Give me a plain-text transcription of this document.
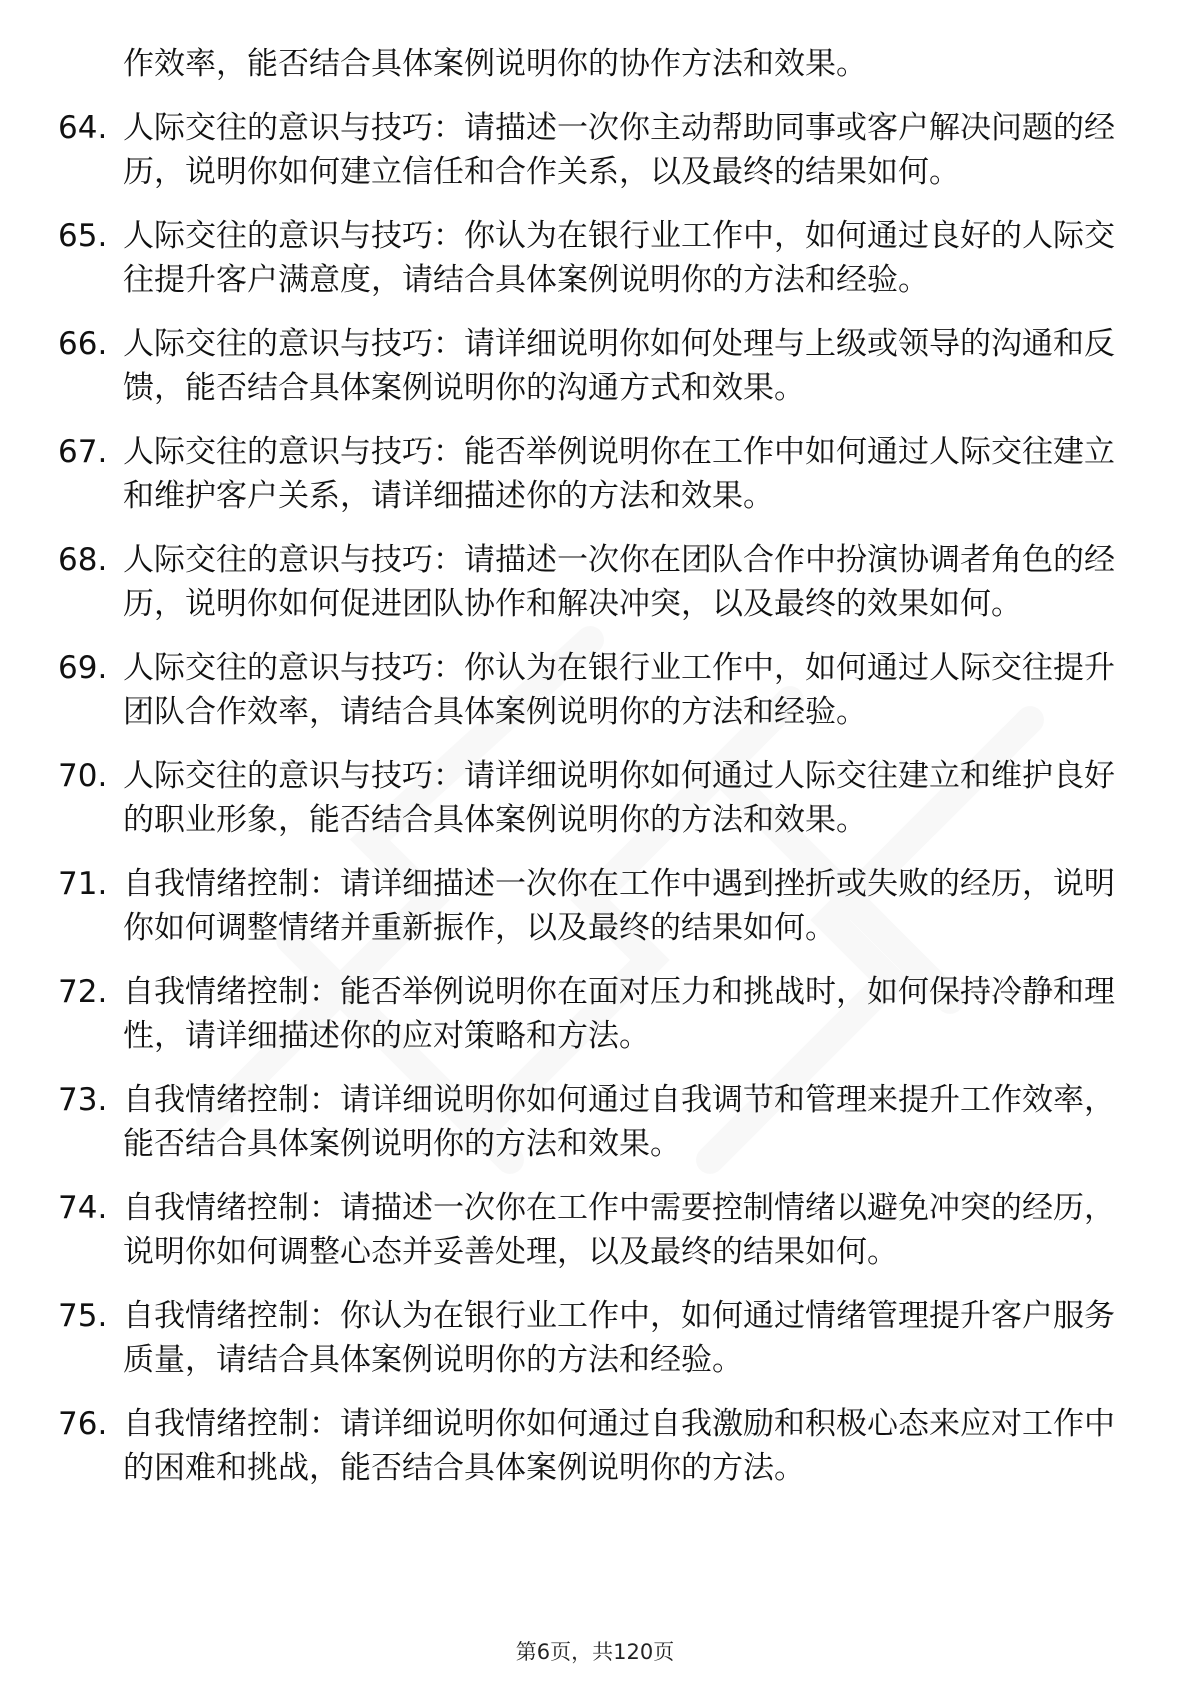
作效率，能否结合具体案例说明你的协作方法和效果。
64. 人际交往的意识与技巧：请描述一次你主动帮助同事或客户解决问题的经历，说明你如何建立信任和合作关系，以及最终的结果如何。
65. 人际交往的意识与技巧：你认为在银行业工作中，如何通过良好的人际交往提升客户满意度，请结合具体案例说明你的方法和经验。
66. 人际交往的意识与技巧：请详细说明你如何处理与上级或领导的沟通和反馈，能否结合具体案例说明你的沟通方式和效果。
67. 人际交往的意识与技巧：能否举例说明你在工作中如何通过人际交往建立和维护客户关系，请详细描述你的方法和效果。
68. 人际交往的意识与技巧：请描述一次你在团队合作中扮演协调者角色的经历，说明你如何促进团队协作和解决冲突，以及最终的效果如何。
69. 人际交往的意识与技巧：你认为在银行业工作中，如何通过人际交往提升团队合作效率，请结合具体案例说明你的方法和经验。
70. 人际交往的意识与技巧：请详细说明你如何通过人际交往建立和维护良好的职业形象，能否结合具体案例说明你的方法和效果。
71. 自我情绪控制：请详细描述一次你在工作中遇到挫折或失败的经历，说明你如何调整情绪并重新振作，以及最终的结果如何。
72. 自我情绪控制：能否举例说明你在面对压力和挑战时，如何保持冷静和理性，请详细描述你的应对策略和方法。
73. 自我情绪控制：请详细说明你如何通过自我调节和管理来提升工作效率，能否结合具体案例说明你的方法和效果。
74. 自我情绪控制：请描述一次你在工作中需要控制情绪以避免冲突的经历，说明你如何调整心态并妥善处理，以及最终的结果如何。
75. 自我情绪控制：你认为在银行业工作中，如何通过情绪管理提升客户服务质量，请结合具体案例说明你的方法和经验。
76. 自我情绪控制：请详细说明你如何通过自我激励和积极心态来应对工作中的困难和挑战，能否结合具体案例说明你的方法。
第6页，共120页
